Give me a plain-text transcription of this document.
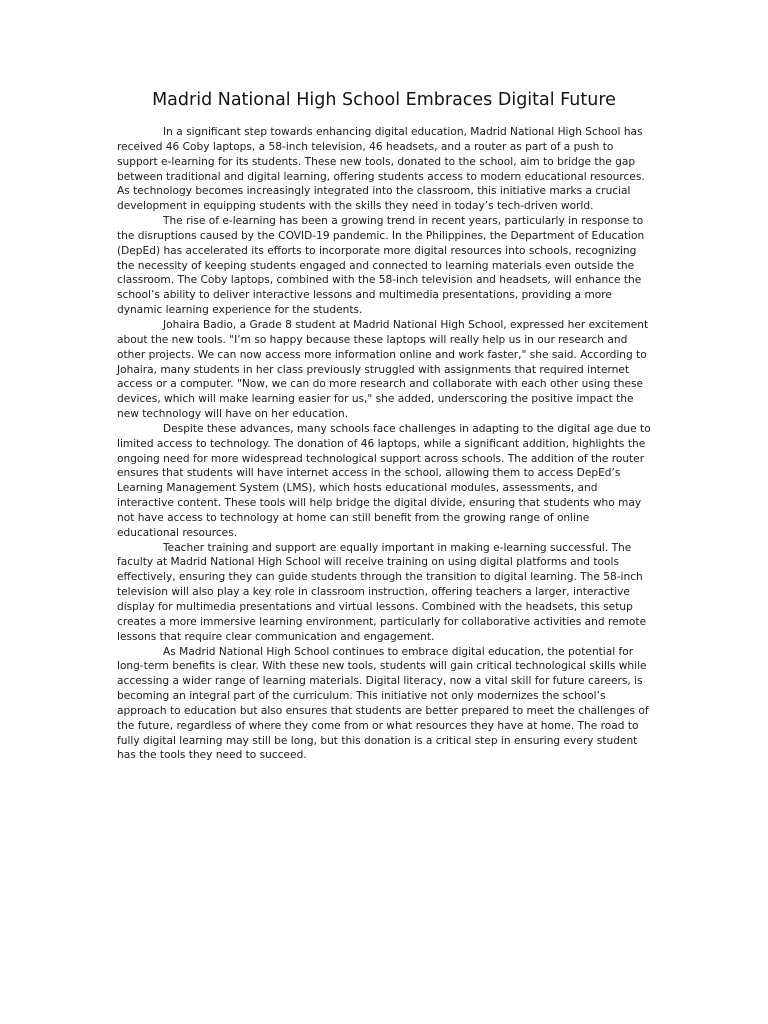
Madrid National High School Embraces Digital Future

In a significant step towards enhancing digital education, Madrid National High School has received 46 Coby laptops, a 58-inch television, 46 headsets, and a router as part of a push to support e-learning for its students. These new tools, donated to the school, aim to bridge the gap between traditional and digital learning, offering students access to modern educational resources. As technology becomes increasingly integrated into the classroom, this initiative marks a crucial development in equipping students with the skills they need in today’s tech-driven world.

The rise of e-learning has been a growing trend in recent years, particularly in response to the disruptions caused by the COVID-19 pandemic. In the Philippines, the Department of Education (DepEd) has accelerated its efforts to incorporate more digital resources into schools, recognizing the necessity of keeping students engaged and connected to learning materials even outside the classroom. The Coby laptops, combined with the 58-inch television and headsets, will enhance the school’s ability to deliver interactive lessons and multimedia presentations, providing a more dynamic learning experience for the students.

Johaira Badio, a Grade 8 student at Madrid National High School, expressed her excitement about the new tools. "I’m so happy because these laptops will really help us in our research and other projects. We can now access more information online and work faster," she said. According to Johaira, many students in her class previously struggled with assignments that required internet access or a computer. "Now, we can do more research and collaborate with each other using these devices, which will make learning easier for us," she added, underscoring the positive impact the new technology will have on her education.

Despite these advances, many schools face challenges in adapting to the digital age due to limited access to technology. The donation of 46 laptops, while a significant addition, highlights the ongoing need for more widespread technological support across schools. The addition of the router ensures that students will have internet access in the school, allowing them to access DepEd’s Learning Management System (LMS), which hosts educational modules, assessments, and interactive content. These tools will help bridge the digital divide, ensuring that students who may not have access to technology at home can still benefit from the growing range of online educational resources.

Teacher training and support are equally important in making e-learning successful. The faculty at Madrid National High School will receive training on using digital platforms and tools effectively, ensuring they can guide students through the transition to digital learning. The 58-inch television will also play a key role in classroom instruction, offering teachers a larger, interactive display for multimedia presentations and virtual lessons. Combined with the headsets, this setup creates a more immersive learning environment, particularly for collaborative activities and remote lessons that require clear communication and engagement.

As Madrid National High School continues to embrace digital education, the potential for long-term benefits is clear. With these new tools, students will gain critical technological skills while accessing a wider range of learning materials. Digital literacy, now a vital skill for future careers, is becoming an integral part of the curriculum. This initiative not only modernizes the school’s approach to education but also ensures that students are better prepared to meet the challenges of the future, regardless of where they come from or what resources they have at home. The road to fully digital learning may still be long, but this donation is a critical step in ensuring every student has the tools they need to succeed.
